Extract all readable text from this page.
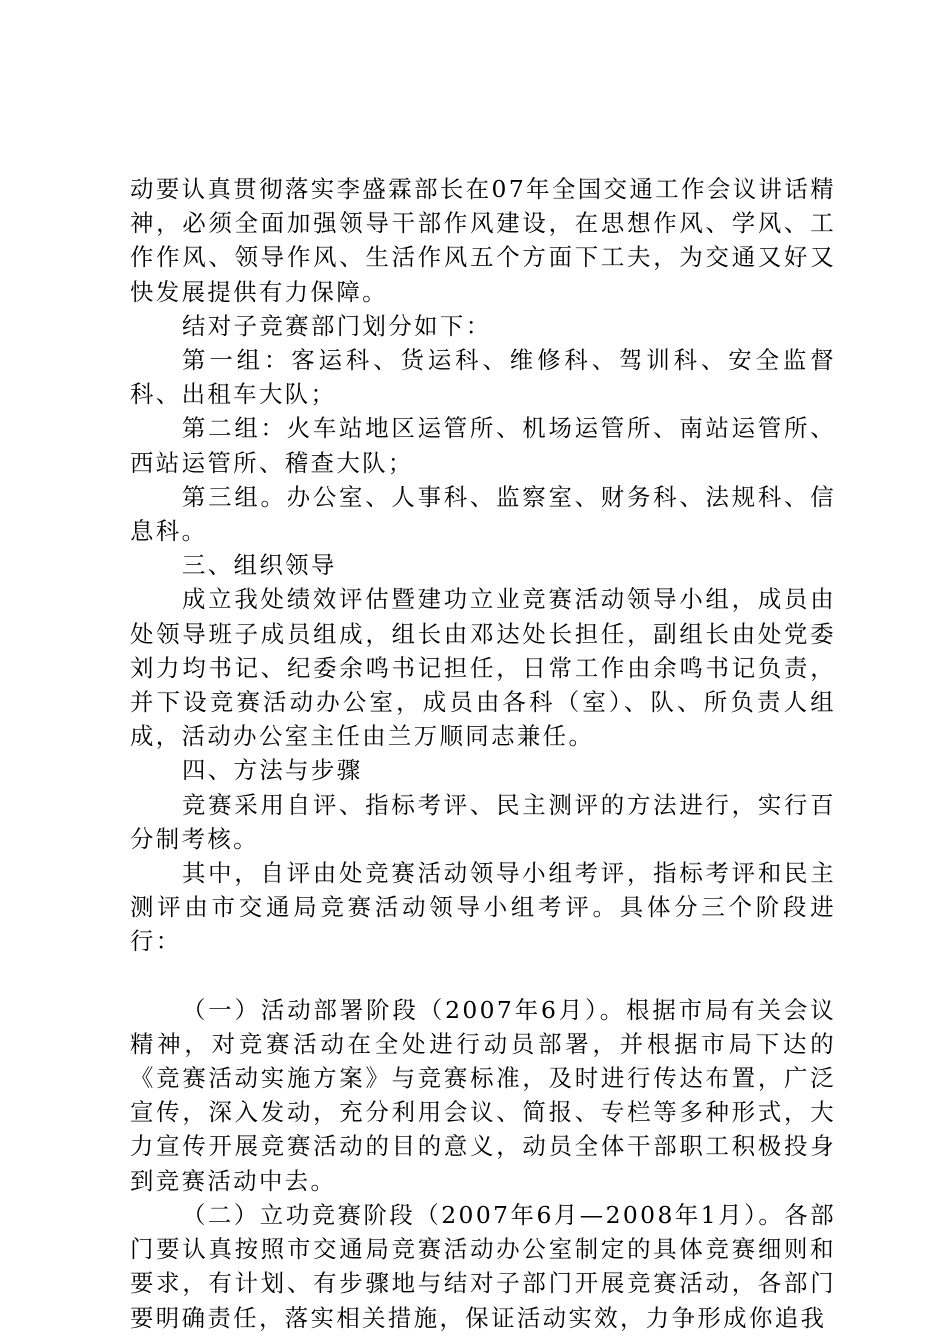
动要认真贯彻落实李盛霖部长在07年全国交通工作会议讲话精神，必须全面加强领导干部作风建设，在思想作风、学风、工作作风、领导作风、生活作风五个方面下工夫，为交通又好又快发展提供有力保障。

结对子竞赛部门划分如下：

第一组：客运科、货运科、维修科、驾训科、安全监督科、出租车大队；

第二组：火车站地区运管所、机场运管所、南站运管所、西站运管所、稽查大队；

第三组。办公室、人事科、监察室、财务科、法规科、信息科。

三、组织领导

成立我处绩效评估暨建功立业竞赛活动领导小组，成员由处领导班子成员组成，组长由邓达处长担任，副组长由处党委刘力均书记、纪委余鸣书记担任，日常工作由余鸣书记负责，并下设竞赛活动办公室，成员由各科（室）、队、所负责人组成，活动办公室主任由兰万顺同志兼任。

四、方法与步骤

竞赛采用自评、指标考评、民主测评的方法进行，实行百分制考核。

其中，自评由处竞赛活动领导小组考评，指标考评和民主测评由市交通局竞赛活动领导小组考评。具体分三个阶段进行：

（一）活动部署阶段（2007年6月）。根据市局有关会议精神，对竞赛活动在全处进行动员部署，并根据市局下达的《竞赛活动实施方案》与竞赛标准，及时进行传达布置，广泛宣传，深入发动，充分利用会议、简报、专栏等多种形式，大力宣传开展竞赛活动的目的意义，动员全体干部职工积极投身到竞赛活动中去。

（二）立功竞赛阶段（2007年6月—2008年1月）。各部门要认真按照市交通局竞赛活动办公室制定的具体竞赛细则和要求，有计划、有步骤地与结对子部门开展竞赛活动，各部门要明确责任，落实相关措施，保证活动实效，力争形成你追我
